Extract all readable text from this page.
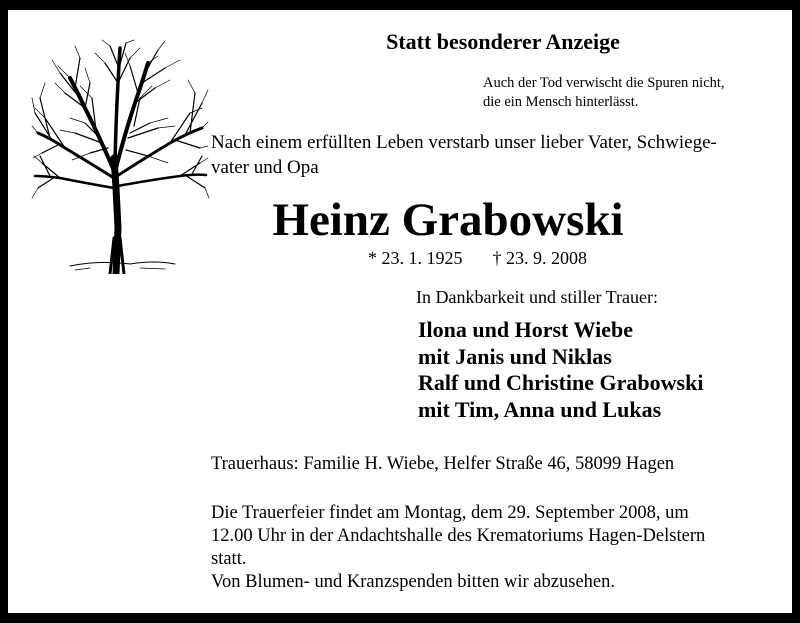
Statt besonderer Anzeige
Auch der Tod verwischt die Spuren nicht,
die ein Mensch hinterlässt.
Nach einem erfüllten Leben verstarb unser lieber Vater, Schwiege-
vater und Opa
Heinz Grabowski
* 23. 1. 1925 † 23. 9. 2008
In Dankbarkeit und stiller Trauer:
Ilona und Horst Wiebe
mit Janis und Niklas
Ralf und Christine Grabowski
mit Tim, Anna und Lukas
Trauerhaus: Familie H. Wiebe, Helfer Straße 46, 58099 Hagen
Die Trauerfeier findet am Montag, dem 29. September 2008, um
12.00 Uhr in der Andachtshalle des Krematoriums Hagen-Delstern
statt.
Von Blumen- und Kranzspenden bitten wir abzusehen.
